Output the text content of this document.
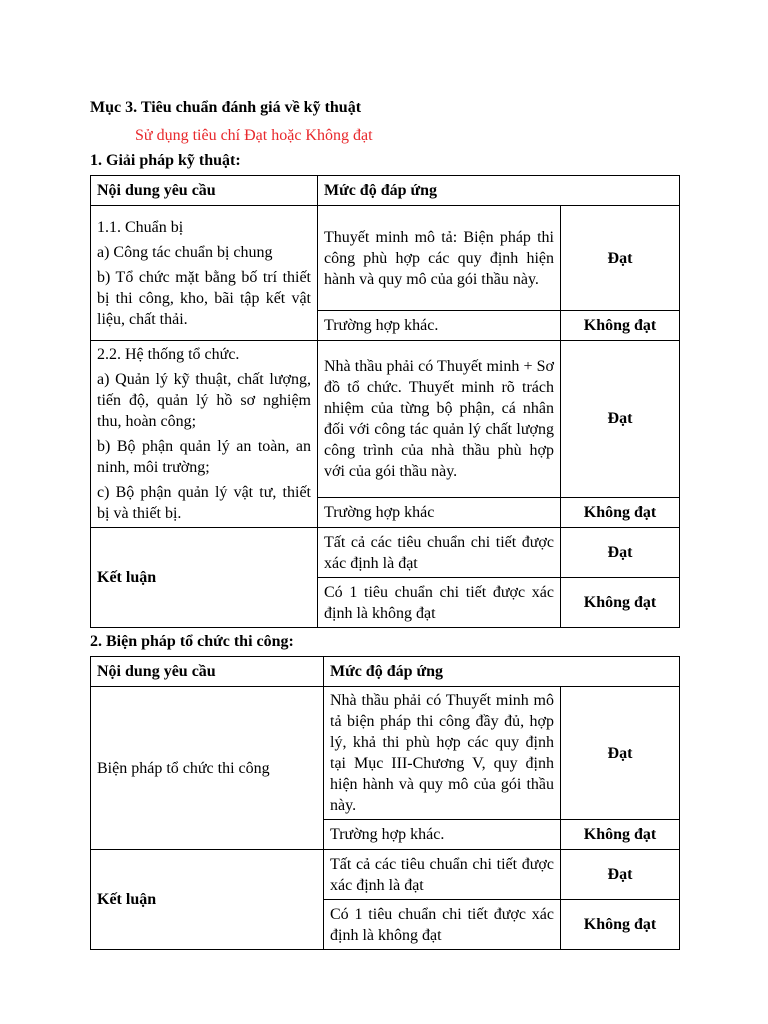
Mục 3. Tiêu chuẩn đánh giá về kỹ thuật
Sử dụng tiêu chí Đạt hoặc Không đạt
1. Giải pháp kỹ thuật:
Nội dung yêu cầu	Mức độ đáp ứng	

1.1. Chuẩn bị
a) Công tác chuẩn bị chung
b) Tổ chức mặt bằng bố trí thiết bị thi công, kho, bãi tập kết vật liệu, chất thải.	Thuyết minh mô tả: Biện pháp thi công phù hợp các quy định hiện hành và quy mô của gói thầu này.	Đạt
	Trường hợp khác.	Không đạt

2.2. Hệ thống tổ chức.
a) Quản lý kỹ thuật, chất lượng, tiến độ, quản lý hồ sơ nghiệm thu, hoàn công;
b) Bộ phận quản lý an toàn, an ninh, môi trường;
c) Bộ phận quản lý vật tư, thiết bị và thiết bị.	Nhà thầu phải có Thuyết minh + Sơ đồ tổ chức. Thuyết minh rõ trách nhiệm của từng bộ phận, cá nhân đối với công tác quản lý chất lượng công trình của nhà thầu phù hợp với của gói thầu này.	Đạt
	Trường hợp khác	Không đạt
Kết luận	Tất cả các tiêu chuẩn chi tiết được xác định là đạt	Đạt
	Có 1 tiêu chuẩn chi tiết được xác định là không đạt	Không đạt
2. Biện pháp tổ chức thi công:
Nội dung yêu cầu	Mức độ đáp ứng	
Biện pháp tổ chức thi công	Nhà thầu phải có Thuyết minh mô tả biện pháp thi công đầy đủ, hợp lý, khả thi phù hợp các quy định tại Mục III-Chương V, quy định hiện hành và quy mô của gói thầu này.	Đạt
	Trường hợp khác.	Không đạt
Kết luận	Tất cả các tiêu chuẩn chi tiết được xác định là đạt	Đạt
	Có 1 tiêu chuẩn chi tiết được xác định là không đạt	Không đạt
